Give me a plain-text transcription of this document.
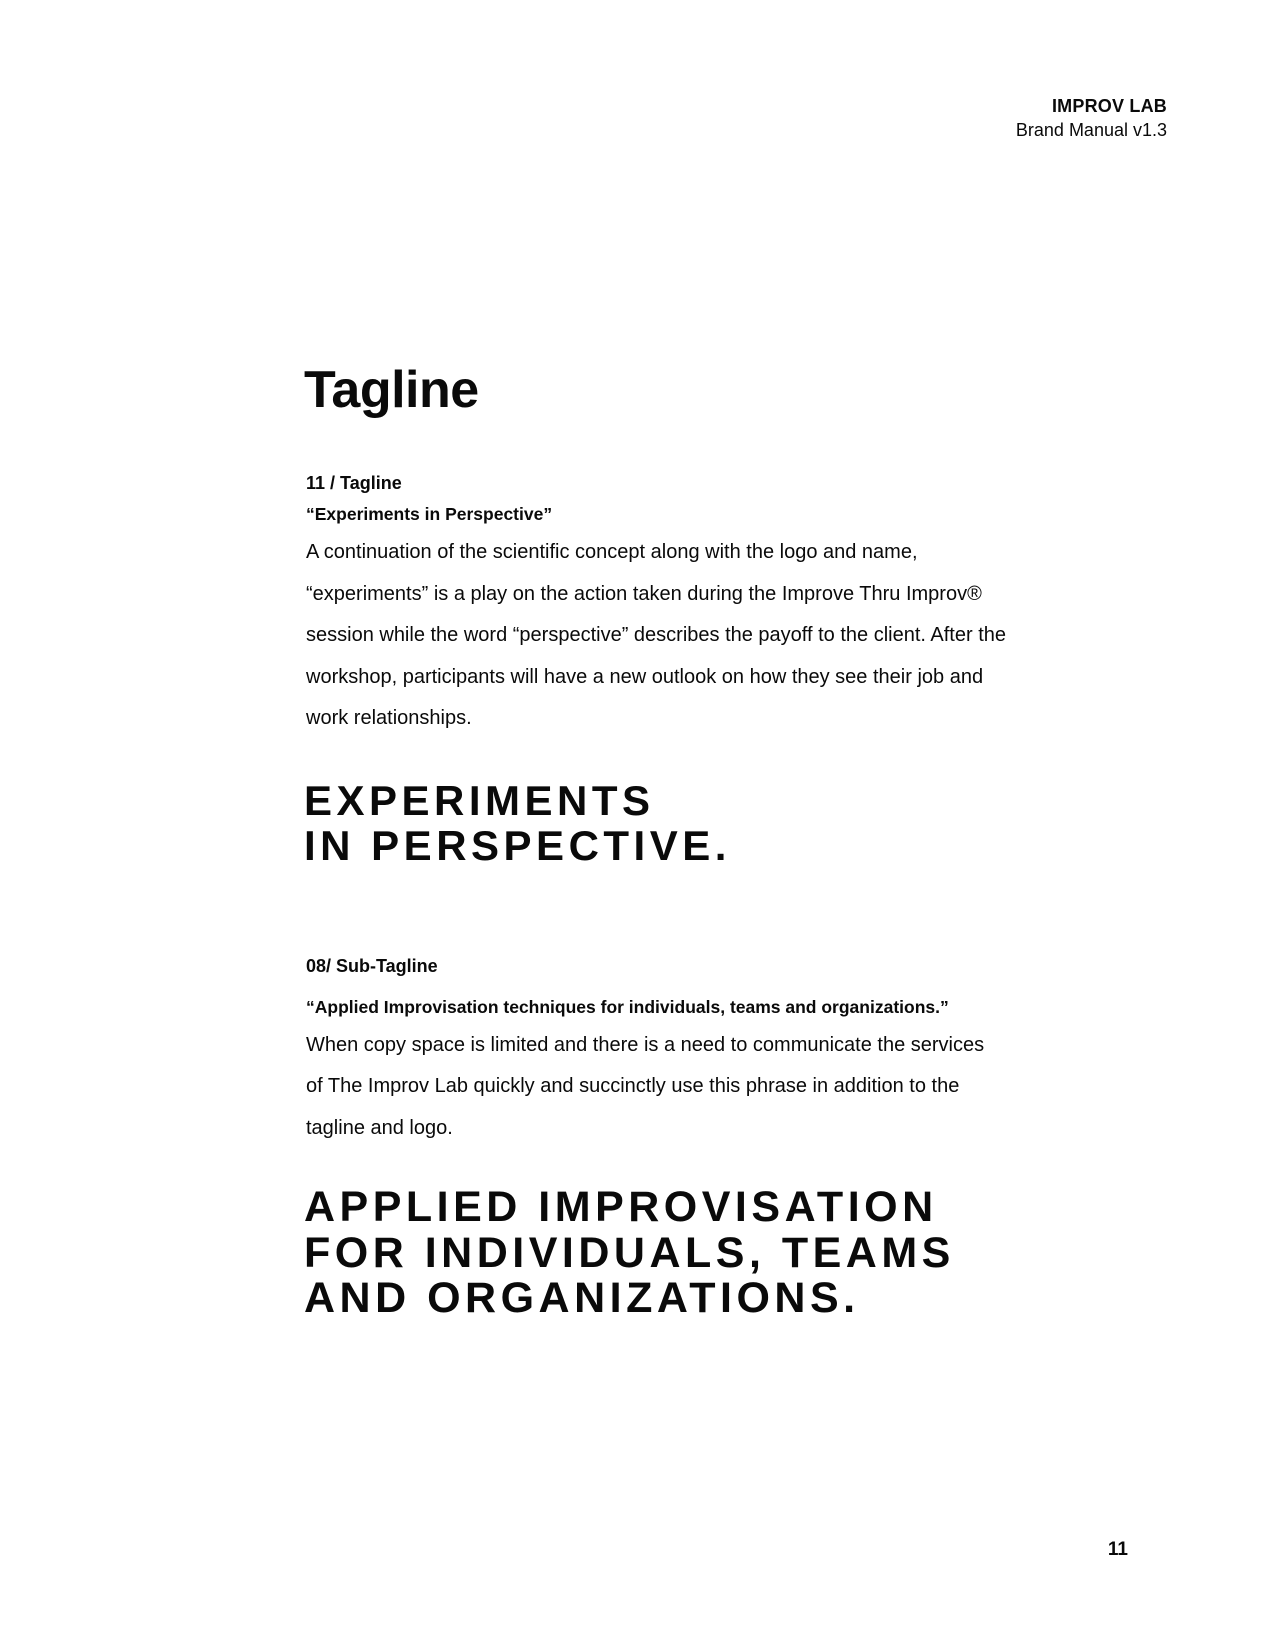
IMPROV LAB
Brand Manual v1.3
Tagline

11 / Tagline

“Experiments in Perspective”

A continuation of the scientific concept along with the logo and name, “experiments” is a play on the action taken during the Improve Thru Improv® session while the word “perspective” describes the payoff to the client. After the workshop, participants will have a new outlook on how they see their job and work relationships.

EXPERIMENTS
IN PERSPECTIVE.

08/ Sub-Tagline

“Applied Improvisation techniques for individuals, teams and organizations.”

When copy space is limited and there is a need to communicate the services of The Improv Lab quickly and succinctly use this phrase in addition to the tagline and logo.

APPLIED IMPROVISATION
FOR INDIVIDUALS, TEAMS
AND ORGANIZATIONS.
11
